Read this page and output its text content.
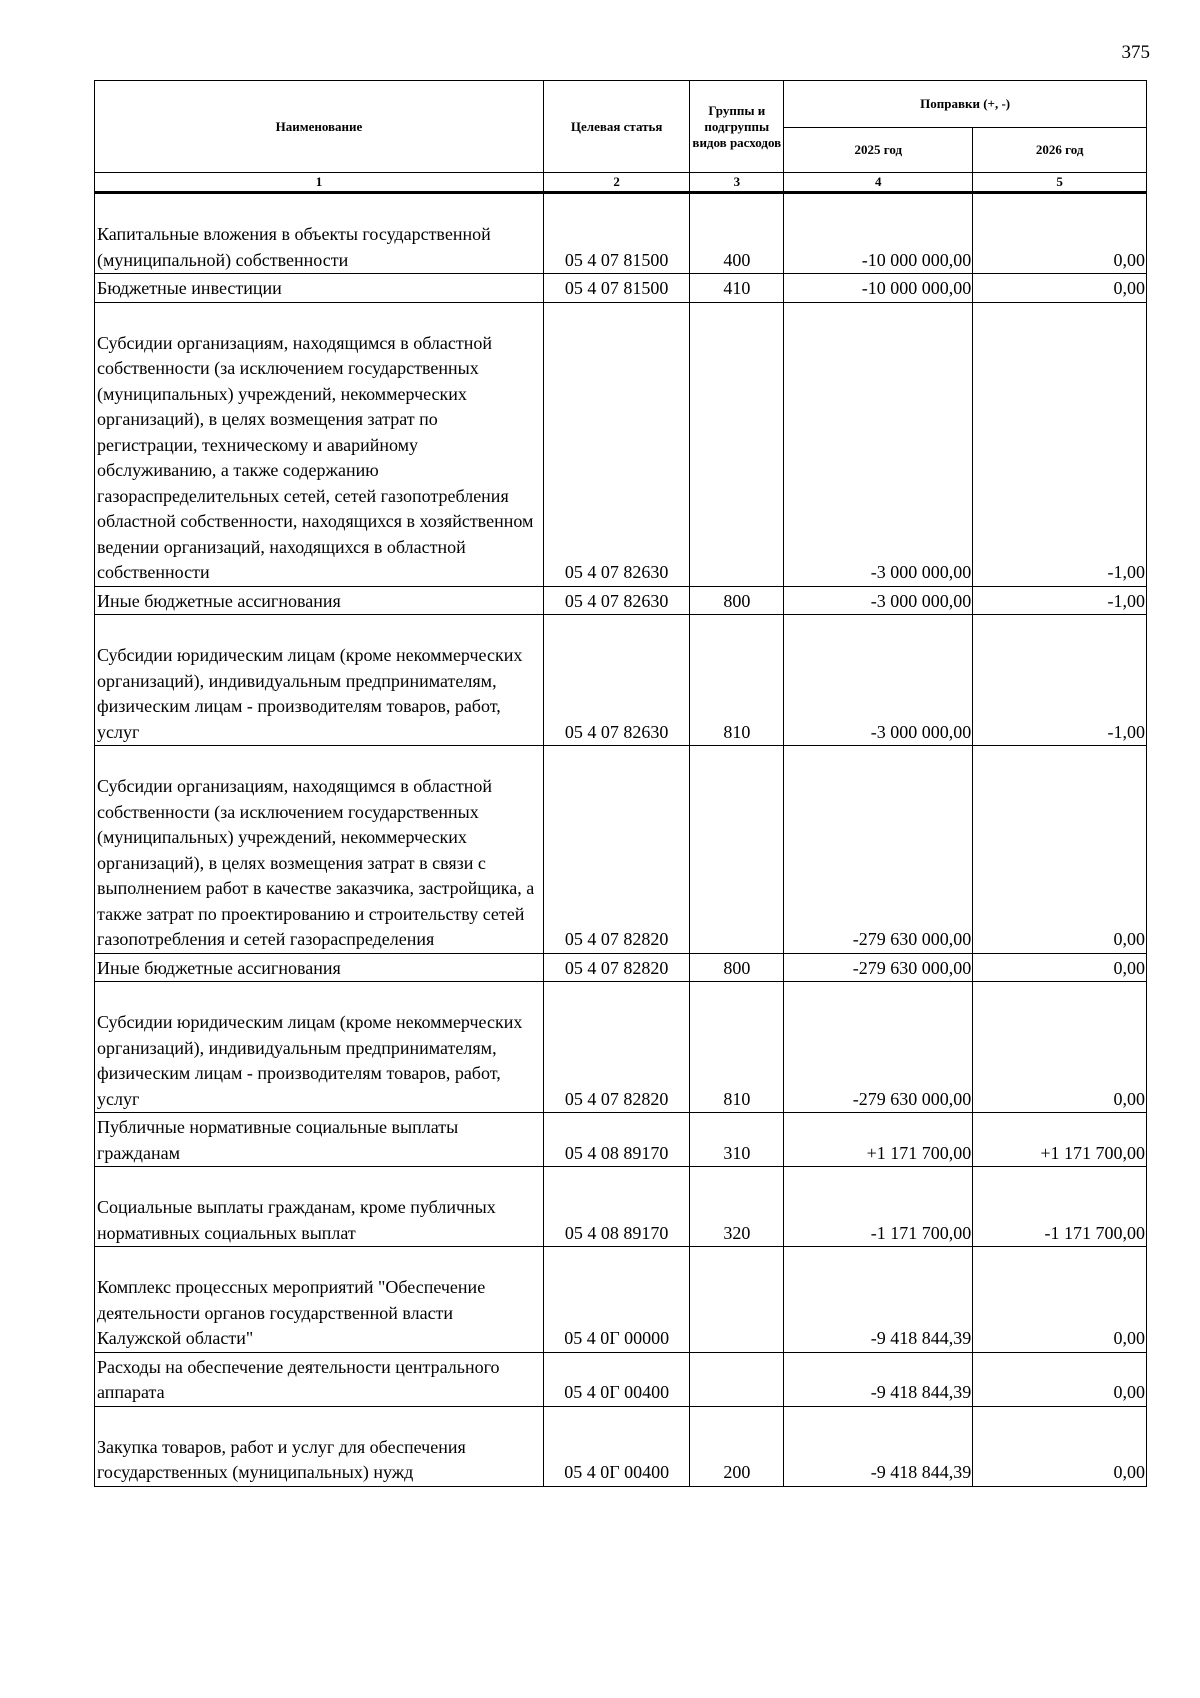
375
Наименование	Целевая статья	Группы и подгруппы видов расходов	Поправки (+, -)	
			2025 год	2026 год
1	2	3	4	5
Капитальные вложения в объекты государственной (муниципальной) собственности	05 4 07 81500	400	-10 000 000,00	0,00
Бюджетные инвестиции	05 4 07 81500	410	-10 000 000,00	0,00
Субсидии организациям, находящимся в областной собственности (за исключением государственных (муниципальных) учреждений, некоммерческих организаций), в целях возмещения затрат по регистрации, техническому и аварийному обслуживанию, а также содержанию газораспределительных сетей, сетей газопотребления областной собственности, находящихся в хозяйственном ведении организаций, находящихся в областной собственности	05 4 07 82630		-3 000 000,00	-1,00
Иные бюджетные ассигнования	05 4 07 82630	800	-3 000 000,00	-1,00
Субсидии юридическим лицам (кроме некоммерческих организаций), индивидуальным предпринимателям, физическим лицам - производителям товаров, работ, услуг	05 4 07 82630	810	-3 000 000,00	-1,00
Субсидии организациям, находящимся в областной собственности (за исключением государственных (муниципальных) учреждений, некоммерческих организаций), в целях возмещения затрат в связи с выполнением работ в качестве заказчика, застройщика, а также затрат по проектированию и строительству сетей газопотребления и сетей газораспределения	05 4 07 82820		-279 630 000,00	0,00
Иные бюджетные ассигнования	05 4 07 82820	800	-279 630 000,00	0,00
Субсидии юридическим лицам (кроме некоммерческих организаций), индивидуальным предпринимателям, физическим лицам - производителям товаров, работ, услуг	05 4 07 82820	810	-279 630 000,00	0,00
Публичные нормативные социальные выплаты гражданам	05 4 08 89170	310	+1 171 700,00	+1 171 700,00
Социальные выплаты гражданам, кроме публичных нормативных социальных выплат	05 4 08 89170	320	-1 171 700,00	-1 171 700,00
Комплекс процессных мероприятий "Обеспечение деятельности органов государственной власти Калужской области"	05 4 0Г 00000		-9 418 844,39	0,00
Расходы на обеспечение деятельности центрального аппарата	05 4 0Г 00400		-9 418 844,39	0,00
Закупка товаров, работ и услуг для обеспечения государственных (муниципальных) нужд	05 4 0Г 00400	200	-9 418 844,39	0,00
